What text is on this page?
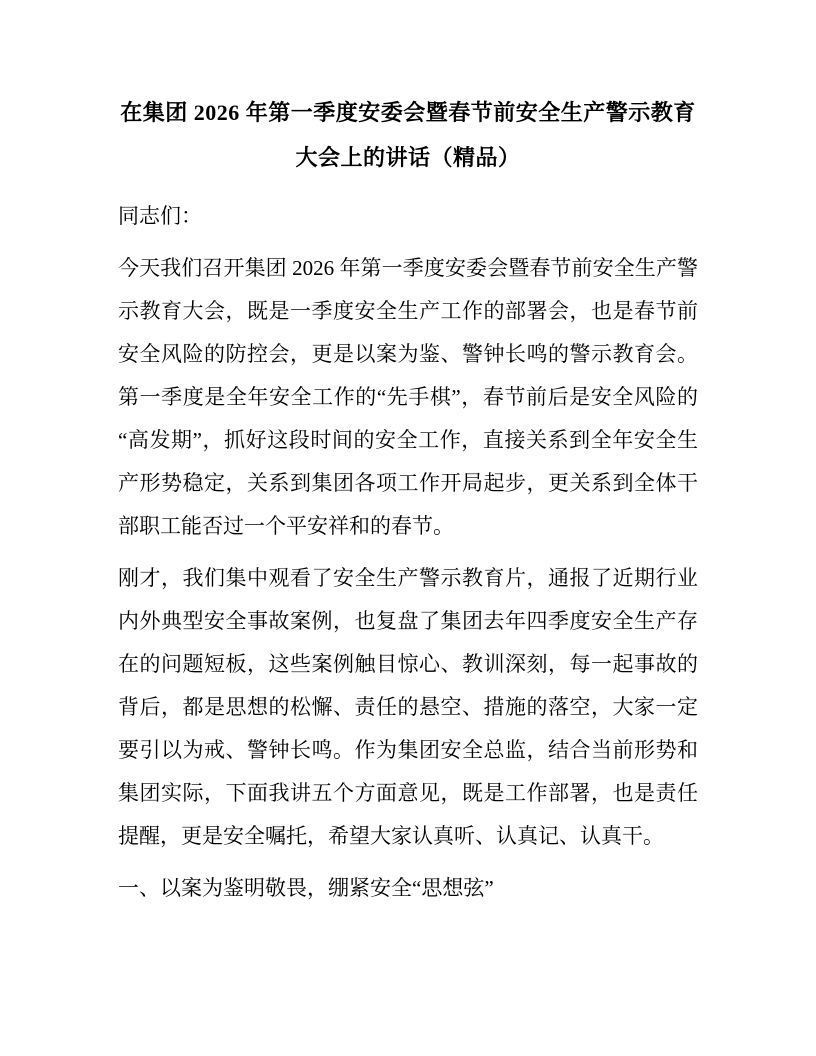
在集团 2026 年第一季度安委会暨春节前安全生产警示教育大会上的讲话（精品）

同志们：

今天我们召开集团 2026 年第一季度安委会暨春节前安全生产警示教育大会，既是一季度安全生产工作的部署会，也是春节前安全风险的防控会，更是以案为鉴、警钟长鸣的警示教育会。第一季度是全年安全工作的“先手棋”，春节前后是安全风险的“高发期”，抓好这段时间的安全工作，直接关系到全年安全生产形势稳定，关系到集团各项工作开局起步，更关系到全体干部职工能否过一个平安祥和的春节。

刚才，我们集中观看了安全生产警示教育片，通报了近期行业内外典型安全事故案例，也复盘了集团去年四季度安全生产存在的问题短板，这些案例触目惊心、教训深刻，每一起事故的背后，都是思想的松懈、责任的悬空、措施的落空，大家一定要引以为戒、警钟长鸣。作为集团安全总监，结合当前形势和集团实际，下面我讲五个方面意见，既是工作部署，也是责任提醒，更是安全嘱托，希望大家认真听、认真记、认真干。

一、以案为鉴明敬畏，绷紧安全“思想弦”
